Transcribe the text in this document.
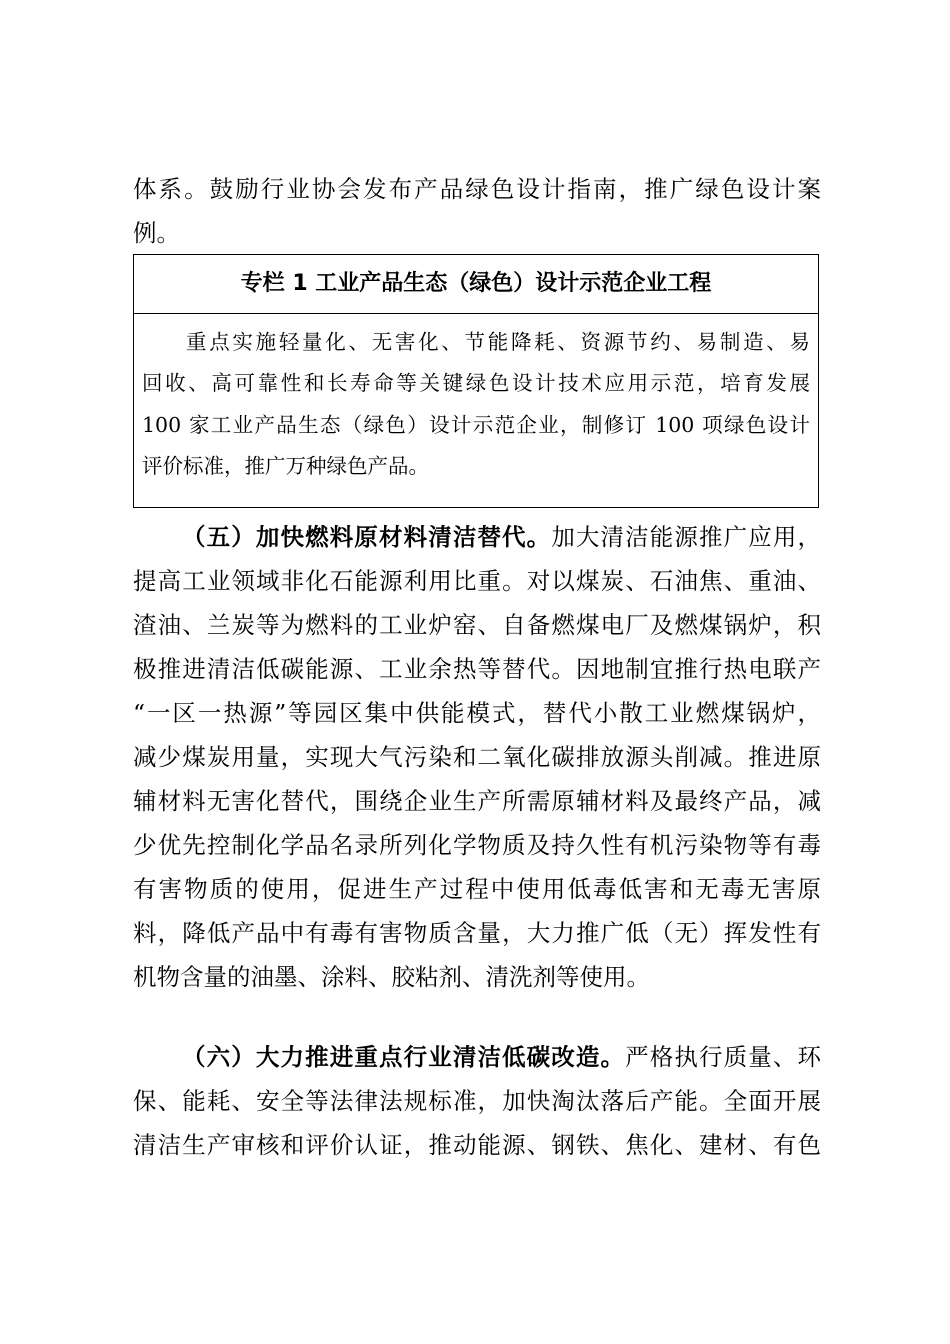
体系。鼓励行业协会发布产品绿色设计指南，推广绿色设计案
例。
专栏 1 工业产品生态（绿色）设计示范企业工程
重点实施轻量化、无害化、节能降耗、资源节约、易制造、易
回收、高可靠性和长寿命等关键绿色设计技术应用示范，培育发展
100 家工业产品生态（绿色）设计示范企业，制修订 100 项绿色设计
评价标准，推广万种绿色产品。
（五）加快燃料原材料清洁替代。加大清洁能源推广应用，
提高工业领域非化石能源利用比重。对以煤炭、石油焦、重油、
渣油、兰炭等为燃料的工业炉窑、自备燃煤电厂及燃煤锅炉，积
极推进清洁低碳能源、工业余热等替代。因地制宜推行热电联产
“一区一热源”等园区集中供能模式，替代小散工业燃煤锅炉，
减少煤炭用量，实现大气污染和二氧化碳排放源头削减。推进原
辅材料无害化替代，围绕企业生产所需原辅材料及最终产品，减
少优先控制化学品名录所列化学物质及持久性有机污染物等有毒
有害物质的使用，促进生产过程中使用低毒低害和无毒无害原
料，降低产品中有毒有害物质含量，大力推广低（无）挥发性有
机物含量的油墨、涂料、胶粘剂、清洗剂等使用。
（六）大力推进重点行业清洁低碳改造。严格执行质量、环
保、能耗、安全等法律法规标准，加快淘汰落后产能。全面开展
清洁生产审核和评价认证，推动能源、钢铁、焦化、建材、有色
